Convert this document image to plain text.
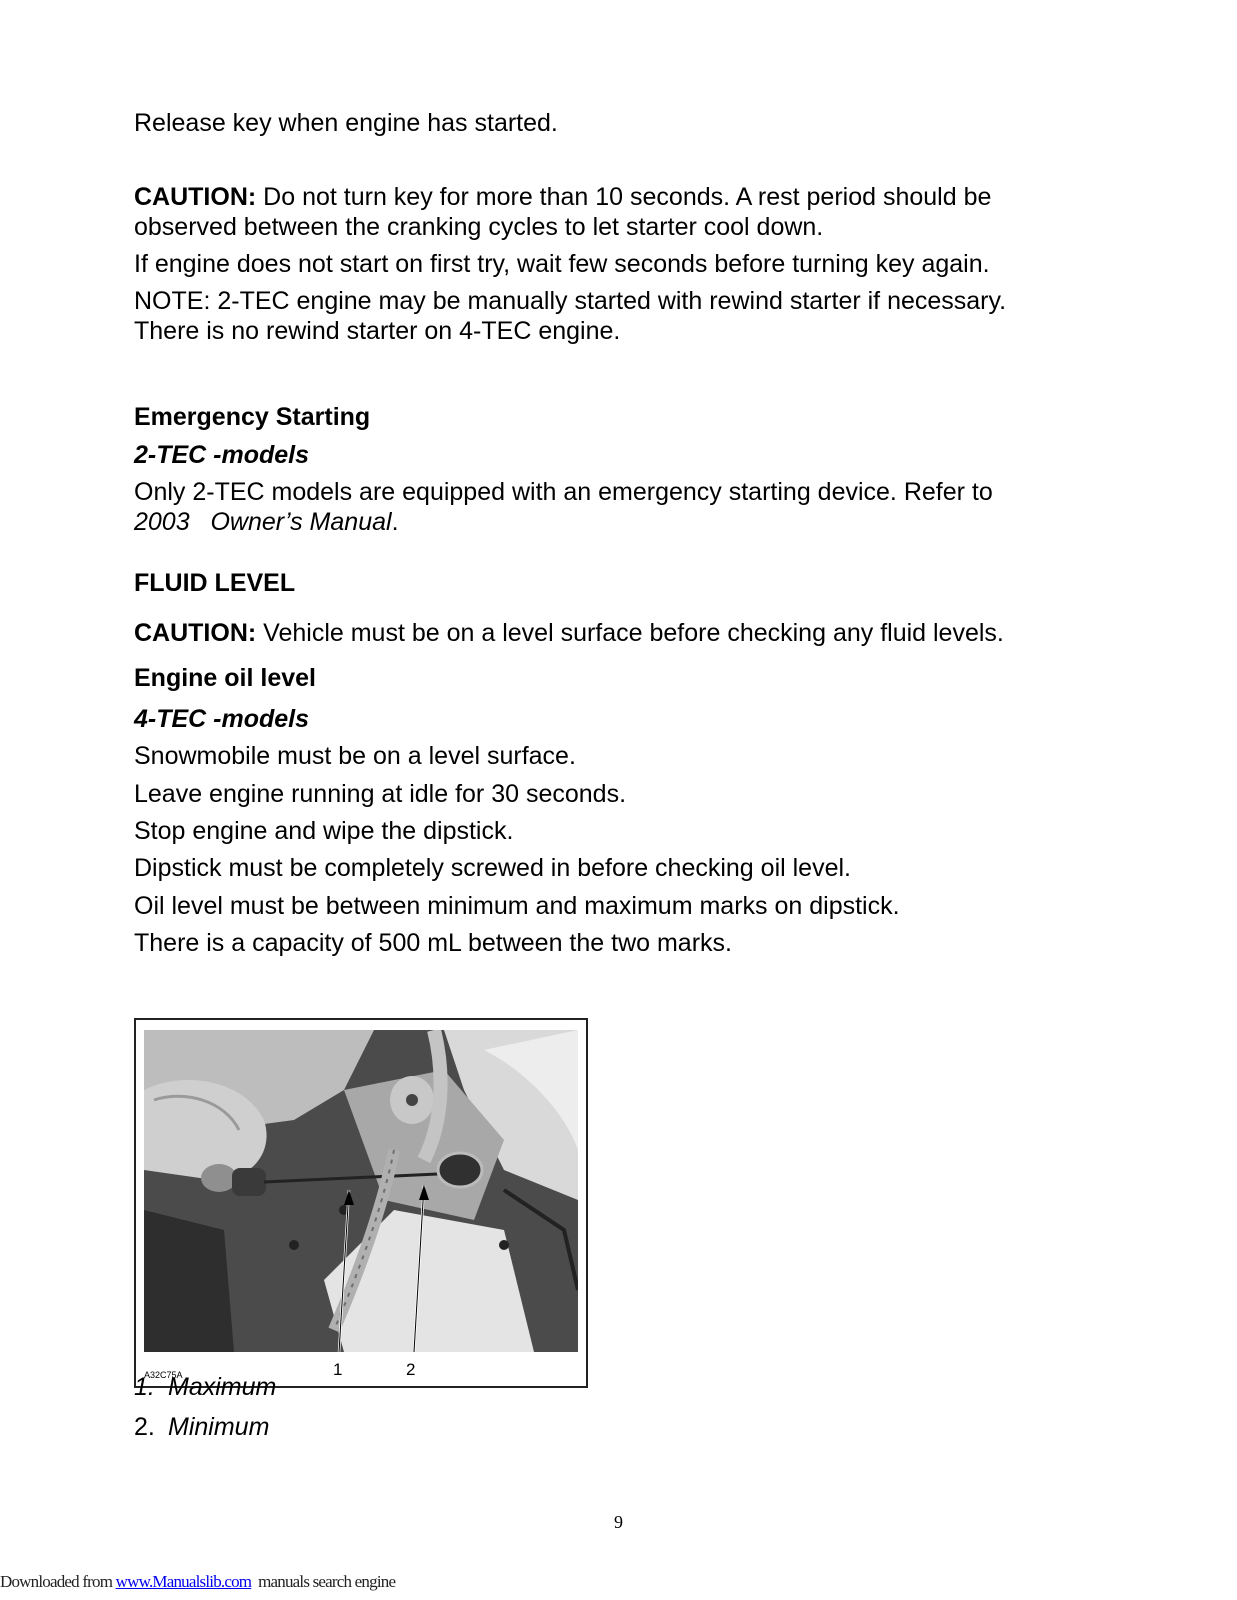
Release key when engine has started.

CAUTION: Do not turn key for more than 10 seconds. A rest period should be

observed between the cranking cycles to let starter cool down.

If engine does not start on first try, wait few seconds before turning key again.

NOTE: 2-TEC engine may be manually started with rewind starter if necessary.

There is no rewind starter on 4-TEC engine.

Emergency Starting

2-TEC -models

Only 2-TEC models are equipped with an emergency starting device. Refer to

2003   Owner’s Manual.

FLUID LEVEL

CAUTION: Vehicle must be on a level surface before checking any fluid levels.

Engine oil level

4-TEC -models

Snowmobile must be on a level surface.

Leave engine running at idle for 30 seconds.

Stop engine and wipe the dipstick.

Dipstick must be completely screwed in before checking oil level.

Oil level must be between minimum and maximum marks on dipstick.

There is a capacity of 500 mL between the two marks.

1	2
A32C75A
1. Maximum
2. Minimum
9
Downloaded from www.Manualslib.com  manuals search engine
